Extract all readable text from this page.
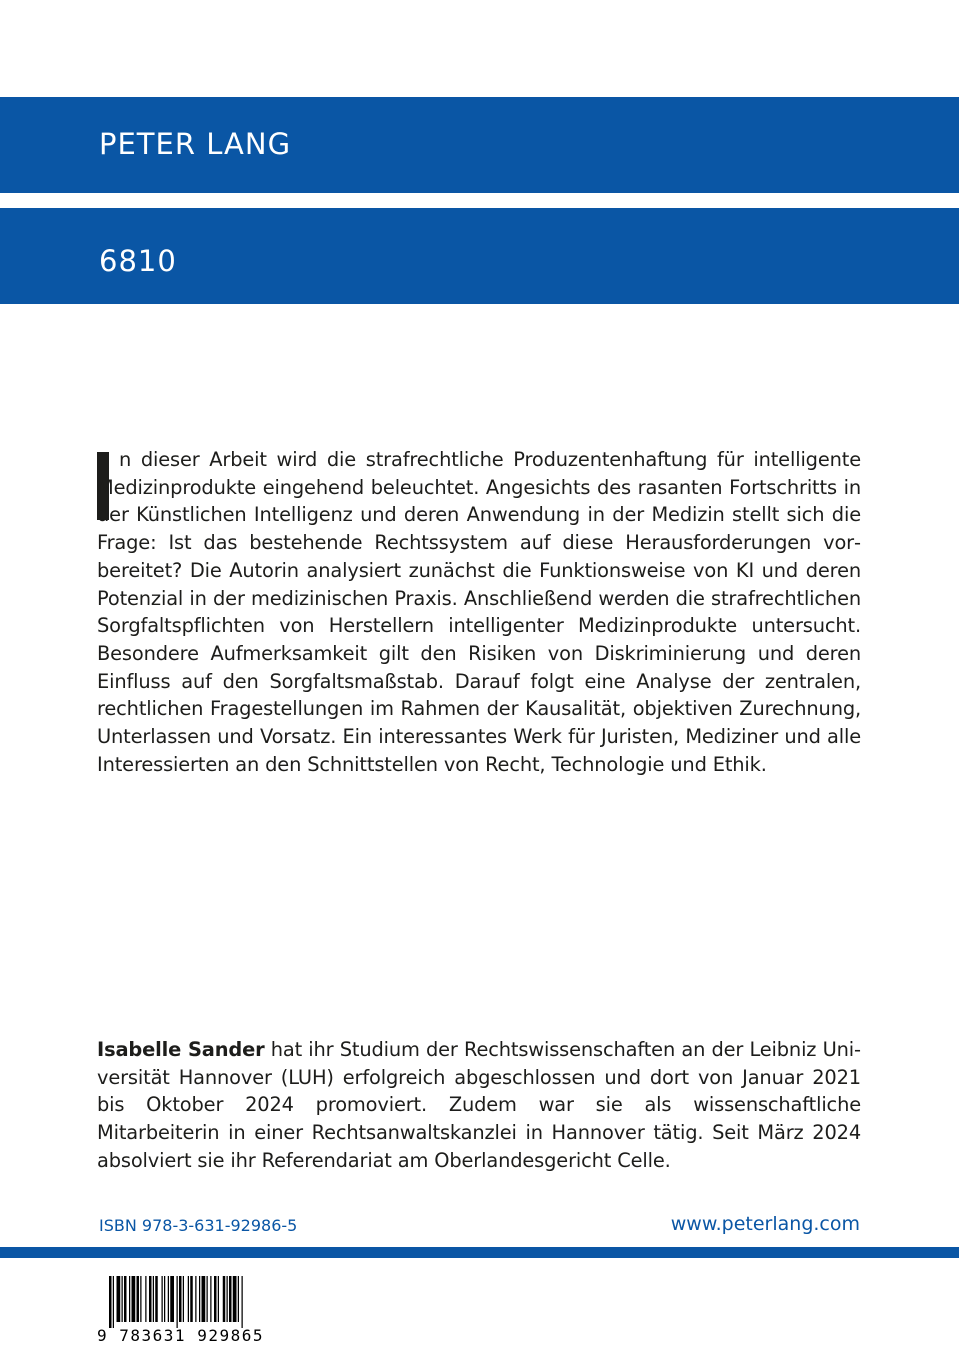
PETER LANG
6810

n dieser Arbeit wird die strafrechtliche Produzentenhaftung für intelligente Medizinprodukte eingehend beleuchtet. Angesichts des rasanten Fortschritts in der Künstlichen Intelligenz und deren Anwendung in der Medizin stellt sich die Frage: Ist das bestehende Rechtssystem auf diese Herausforderungen vorbereitet? Die Autorin analysiert zunächst die Funktionsweise von KI und deren Potenzial in der medizinischen Praxis. Anschließend werden die strafrechtlichen Sorgfaltspflichten von Herstellern intelligenter Medizinprodukte untersucht. Besondere Aufmerksamkeit gilt den Risiken von Diskriminierung und deren Einfluss auf den Sorgfaltsmaßstab. Darauf folgt eine Analyse der zentralen, rechtlichen Fragestellungen im Rahmen der Kausalität, objektiven Zurechnung, Unterlassen und Vorsatz. Ein interessantes Werk für Juristen, Mediziner und alle Interessierten an den Schnittstellen von Recht, Technologie und Ethik.

Isabelle Sander hat ihr Studium der Rechtswissenschaften an der Leibniz Universität Hannover (LUH) erfolgreich abgeschlossen und dort von Januar 2021 bis Oktober 2024 promoviert. Zudem war sie als wissenschaftliche Mitarbeiterin in einer Rechtsanwaltskanzlei in Hannover tätig. Seit März 2024 absolviert sie ihr Referendariat am Oberlandesgericht Celle.

ISBN 978-3-631-92986-5	www.peterlang.com
9 783631 929865
